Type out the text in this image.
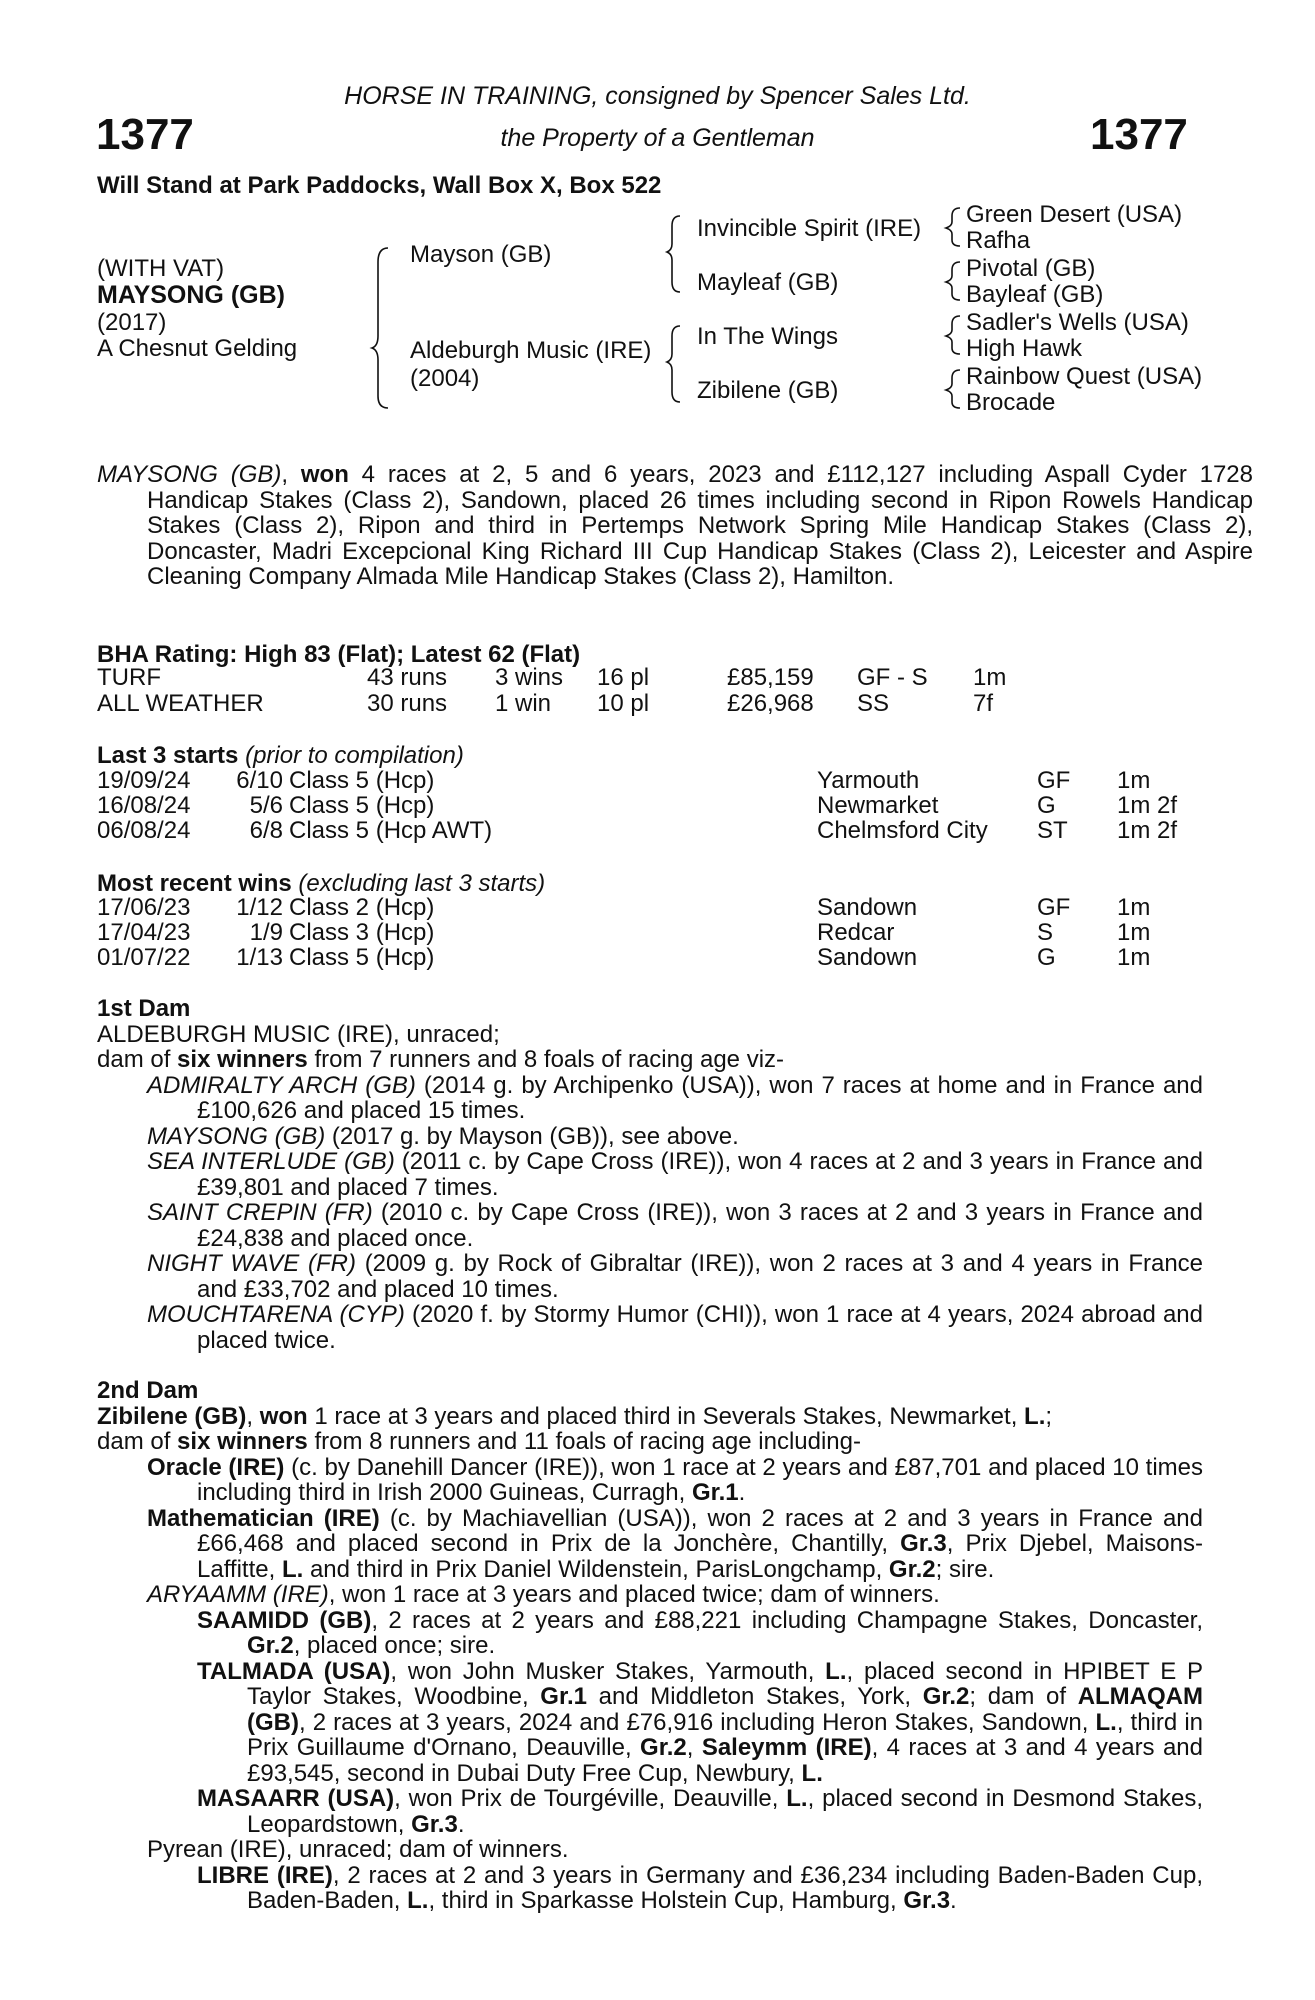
1377	1377
HORSE IN TRAINING, consigned by Spencer Sales Ltd.
the Property of a Gentleman
Will Stand at Park Paddocks, Wall Box X, Box 522
(WITH VAT)
MAYSONG (GB)
(2017)
A Chesnut Gelding
Mayson (GB)
Aldeburgh Music (IRE)
(2004)
Invincible Spirit (IRE)
Mayleaf (GB)
In The Wings
Zibilene (GB)
Green Desert (USA)
Rafha
Pivotal (GB)
Bayleaf (GB)
Sadler's Wells (USA)
High Hawk
Rainbow Quest (USA)
Brocade
MAYSONG (GB), won 4 races at 2, 5 and 6 years, 2023 and £112,127 including Aspall Cyder 1728 Handicap Stakes (Class 2), Sandown, placed 26 times including second in Ripon Rowels Handicap Stakes (Class 2), Ripon and third in Pertemps Network Spring Mile Handicap Stakes (Class 2), Doncaster, Madri Excepcional King Richard III Cup Handicap Stakes (Class 2), Leicester and Aspire Cleaning Company Almada Mile Handicap Stakes (Class 2), Hamilton.
BHA Rating: High 83 (Flat); Latest 62 (Flat)
TURF	43 runs 3 wins 16 pl	£85,159 GF - S 1m
ALL WEATHER	30 runs 1 win 10 pl	£26,968 SS	7f
Last 3 starts (prior to compilation)
19/09/24	6/10 Class 5 (Hcp)	Yarmouth	GF 1m
16/08/24	5/6 Class 5 (Hcp)	Newmarket	G	1m 2f
06/08/24	6/8 Class 5 (Hcp AWT)	Chelmsford City ST 1m 2f
Most recent wins (excluding last 3 starts)
17/06/23	1/12 Class 2 (Hcp)	Sandown	GF 1m
17/04/23	1/9 Class 3 (Hcp)	Redcar	S	1m
01/07/22	1/13 Class 5 (Hcp)	Sandown	G	1m
1st Dam
ALDEBURGH MUSIC (IRE), unraced;
dam of six winners from 7 runners and 8 foals of racing age viz-
ADMIRALTY ARCH (GB) (2014 g. by Archipenko (USA)), won 7 races at home and in France and £100,626 and placed 15 times.
MAYSONG (GB) (2017 g. by Mayson (GB)), see above.
SEA INTERLUDE (GB) (2011 c. by Cape Cross (IRE)), won 4 races at 2 and 3 years in France and £39,801 and placed 7 times.
SAINT CREPIN (FR) (2010 c. by Cape Cross (IRE)), won 3 races at 2 and 3 years in France and £24,838 and placed once.
NIGHT WAVE (FR) (2009 g. by Rock of Gibraltar (IRE)), won 2 races at 3 and 4 years in France and £33,702 and placed 10 times.
MOUCHTARENA (CYP) (2020 f. by Stormy Humor (CHI)), won 1 race at 4 years, 2024 abroad and placed twice.
2nd Dam
Zibilene (GB), won 1 race at 3 years and placed third in Severals Stakes, Newmarket, L.;
dam of six winners from 8 runners and 11 foals of racing age including-
Oracle (IRE) (c. by Danehill Dancer (IRE)), won 1 race at 2 years and £87,701 and placed 10 times including third in Irish 2000 Guineas, Curragh, Gr.1.
Mathematician (IRE) (c. by Machiavellian (USA)), won 2 races at 2 and 3 years in France and £66,468 and placed second in Prix de la Jonchère, Chantilly, Gr.3, Prix Djebel, Maisons-Laffitte, L. and third in Prix Daniel Wildenstein, ParisLongchamp, Gr.2; sire.
ARYAAMM (IRE), won 1 race at 3 years and placed twice; dam of winners.
SAAMIDD (GB), 2 races at 2 years and £88,221 including Champagne Stakes, Doncaster, Gr.2, placed once; sire.
TALMADA (USA), won John Musker Stakes, Yarmouth, L., placed second in HPIBET E P Taylor Stakes, Woodbine, Gr.1 and Middleton Stakes, York, Gr.2; dam of ALMAQAM (GB), 2 races at 3 years, 2024 and £76,916 including Heron Stakes, Sandown, L., third in Prix Guillaume d'Ornano, Deauville, Gr.2, Saleymm (IRE), 4 races at 3 and 4 years and £93,545, second in Dubai Duty Free Cup, Newbury, L.
MASAARR (USA), won Prix de Tourgéville, Deauville, L., placed second in Desmond Stakes, Leopardstown, Gr.3.
Pyrean (IRE), unraced; dam of winners.
LIBRE (IRE), 2 races at 2 and 3 years in Germany and £36,234 including Baden-Baden Cup, Baden-Baden, L., third in Sparkasse Holstein Cup, Hamburg, Gr.3.
